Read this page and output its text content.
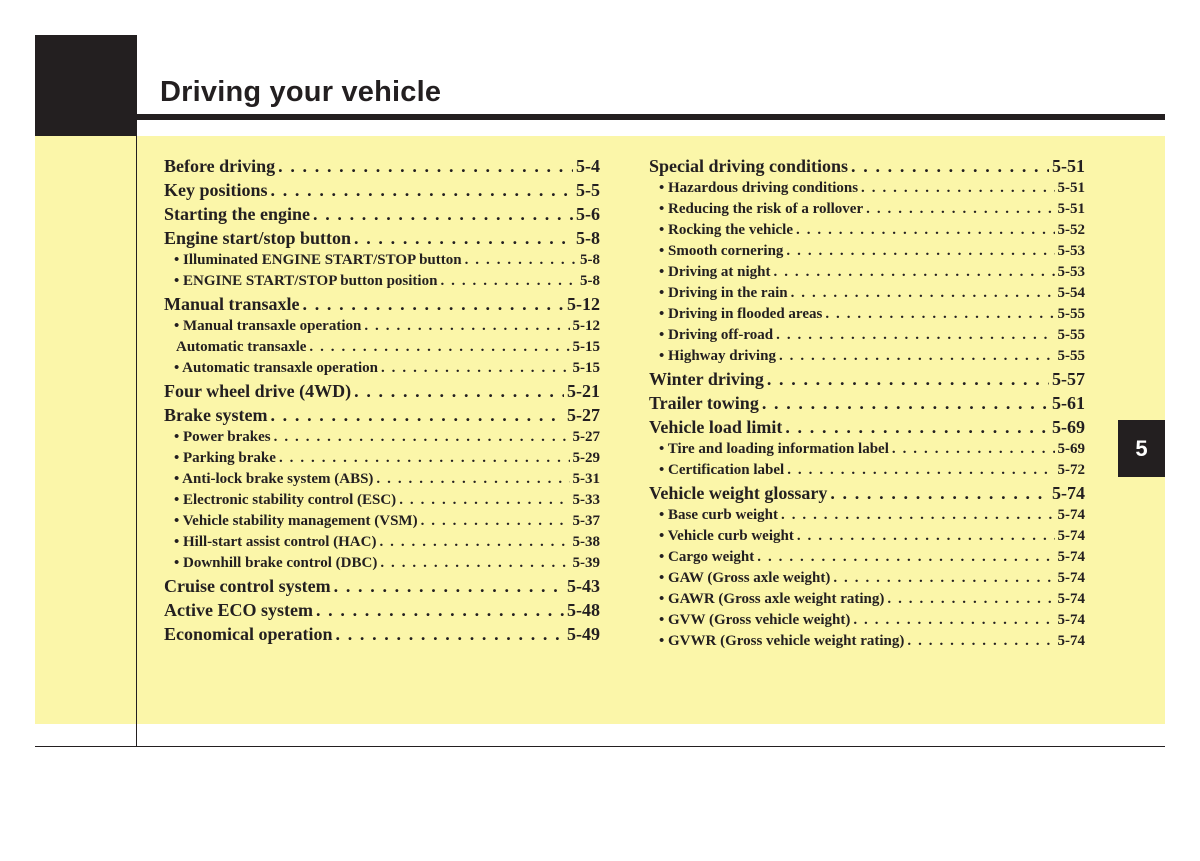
Driving your vehicle
Before driving . . .	5-4
Key positions . . .	5-5
Starting the engine . . .	5-6
Engine start/stop button . . .	5-8
• Illuminated ENGINE START/STOP button . . .	5-8
• ENGINE START/STOP button position . . .	5-8
Manual transaxle . . .	5-12
• Manual transaxle operation . . .	5-12
Automatic transaxle . . .	5-15
• Automatic transaxle operation . . .	5-15
Four wheel drive (4WD) . . .	5-21
Brake system . . .	5-27
• Power brakes . . .	5-27
• Parking brake . . .	5-29
• Anti-lock brake system (ABS) . . .	5-31
• Electronic stability control (ESC) . . .	5-33
• Vehicle stability management (VSM) . . .	5-37
• Hill-start assist control (HAC) . . .	5-38
• Downhill brake control (DBC) . . .	5-39
Cruise control system . . .	5-43
Active ECO system . . .	5-48
Economical operation . . .	5-49
Special driving conditions . . .	5-51
• Hazardous driving conditions . . .	5-51
• Reducing the risk of a rollover . . .	5-51
• Rocking the vehicle . . .	5-52
• Smooth cornering . . .	5-53
• Driving at night . . .	5-53
• Driving in the rain . . .	5-54
• Driving in flooded areas . . .	5-55
• Driving off-road . . .	5-55
• Highway driving . . .	5-55
Winter driving . . .	5-57
Trailer towing . . .	5-61
Vehicle load limit . . .	5-69
• Tire and loading information label . . .	5-69
• Certification label . . .	5-72
Vehicle weight glossary . . .	5-74
• Base curb weight . . .	5-74
• Vehicle curb weight . . .	5-74
• Cargo weight . . .	5-74
• GAW (Gross axle weight) . . .	5-74
• GAWR (Gross axle weight rating) . . .	5-74
• GVW (Gross vehicle weight) . . .	5-74
• GVWR (Gross vehicle weight rating) . . .	5-74
5
